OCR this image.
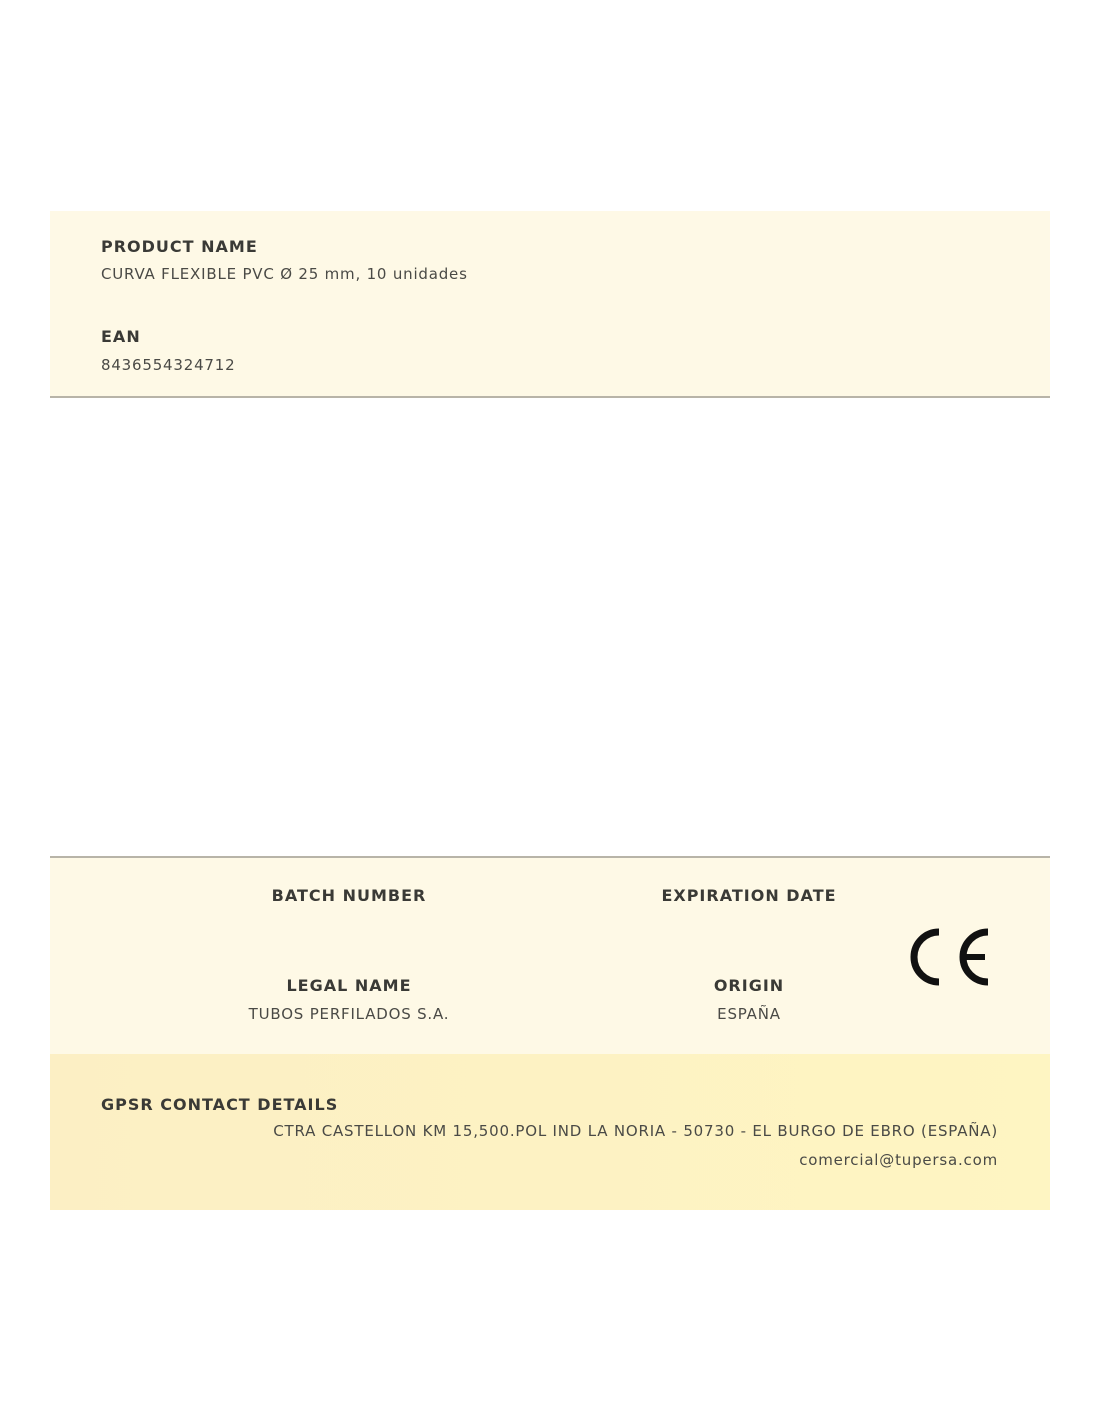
PRODUCT NAME
CURVA FLEXIBLE PVC Ø 25 mm, 10 unidades
EAN
8436554324712
BATCH NUMBER	EXPIRATION DATE
LEGAL NAME
TUBOS PERFILADOS S.A.
ORIGIN
ESPAÑA
GPSR CONTACT DETAILS
CTRA CASTELLON KM 15,500.POL IND LA NORIA - 50730 - EL BURGO DE EBRO (ESPAÑA)
comercial@tupersa.com
